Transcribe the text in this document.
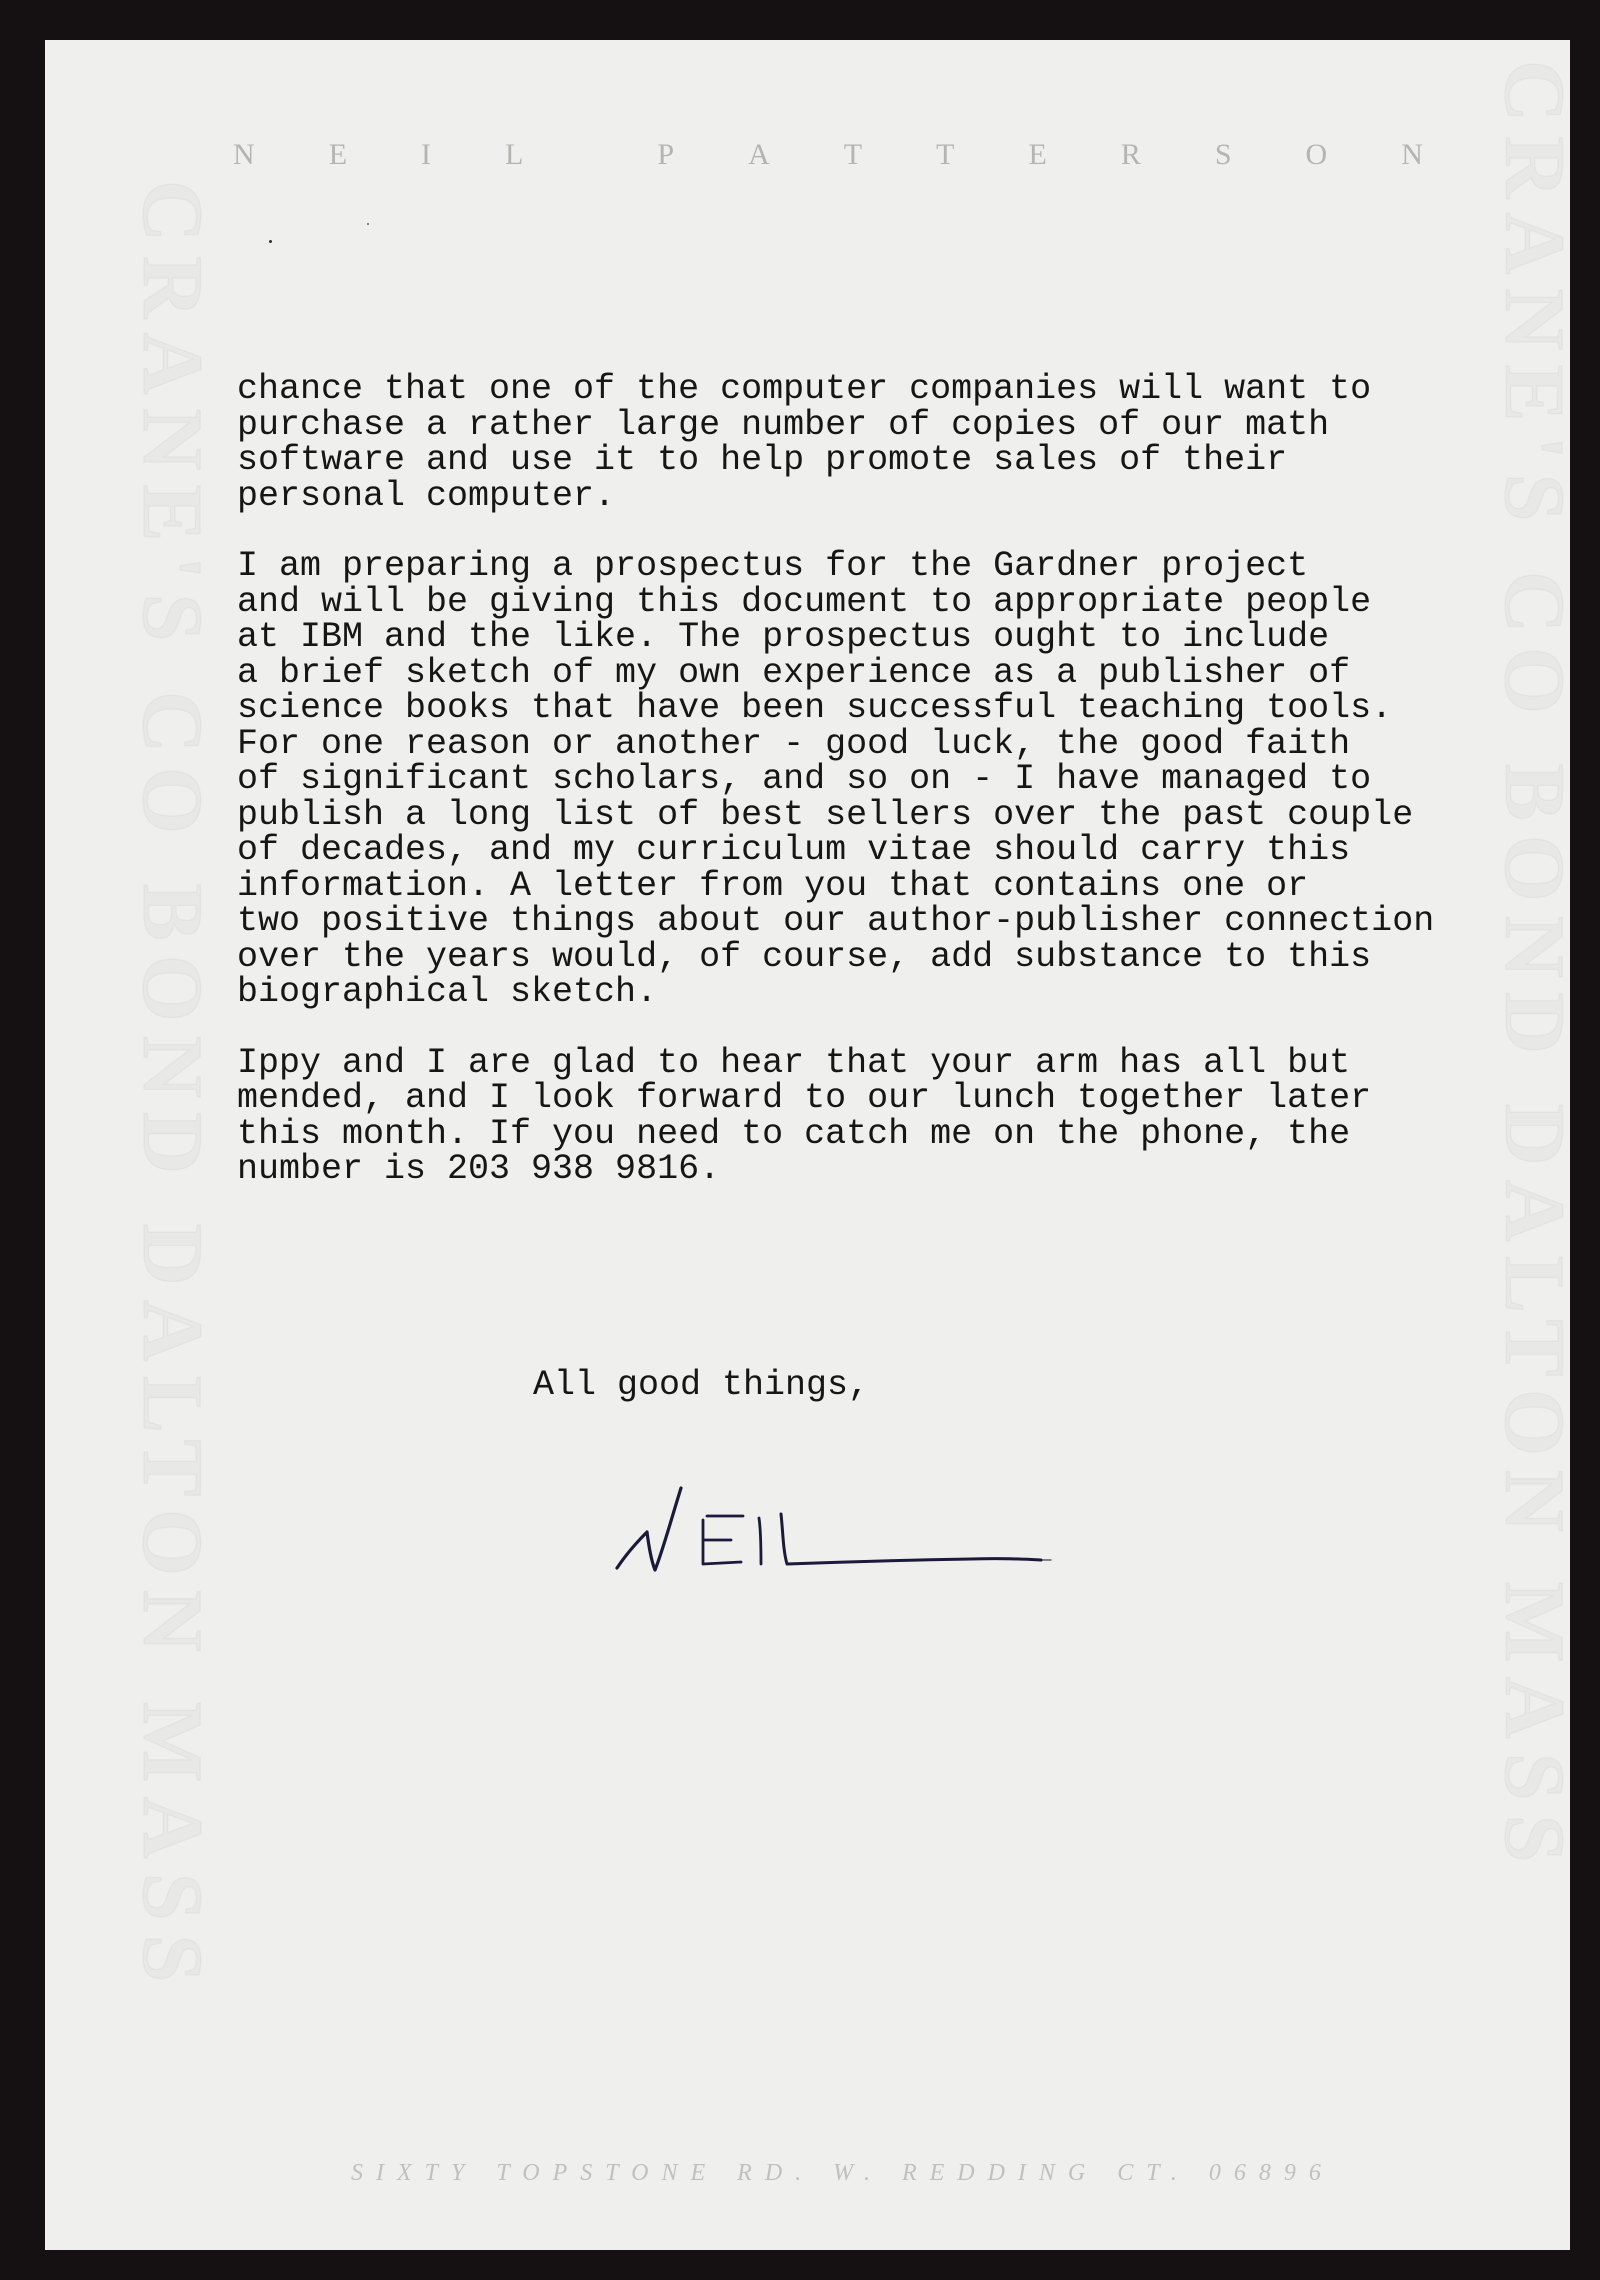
CRANE'S CO BOND DALTON MASS	CRANE'S CO BOND DALTON MASS
N E I L	P A T T E R S O N

chance that one of the computer companies will want to
purchase a rather large number of copies of our math
software and use it to help promote sales of their
personal computer.

I am preparing a prospectus for the Gardner project
and will be giving this document to appropriate people
at IBM and the like. The prospectus ought to include
a brief sketch of my own experience as a publisher of
science books that have been successful teaching tools.
For one reason or another - good luck, the good faith
of significant scholars, and so on - I have managed to
publish a long list of best sellers over the past couple
of decades, and my curriculum vitae should carry this
information. A letter from you that contains one or
two positive things about our author-publisher connection
over the years would, of course, add substance to this
biographical sketch.

Ippy and I are glad to hear that your arm has all but
mended, and I look forward to our lunch together later
this month. If you need to catch me on the phone, the
number is 203 938 9816.

All good things,
SIXTY TOPSTONE RD. W. REDDING CT. 06896
